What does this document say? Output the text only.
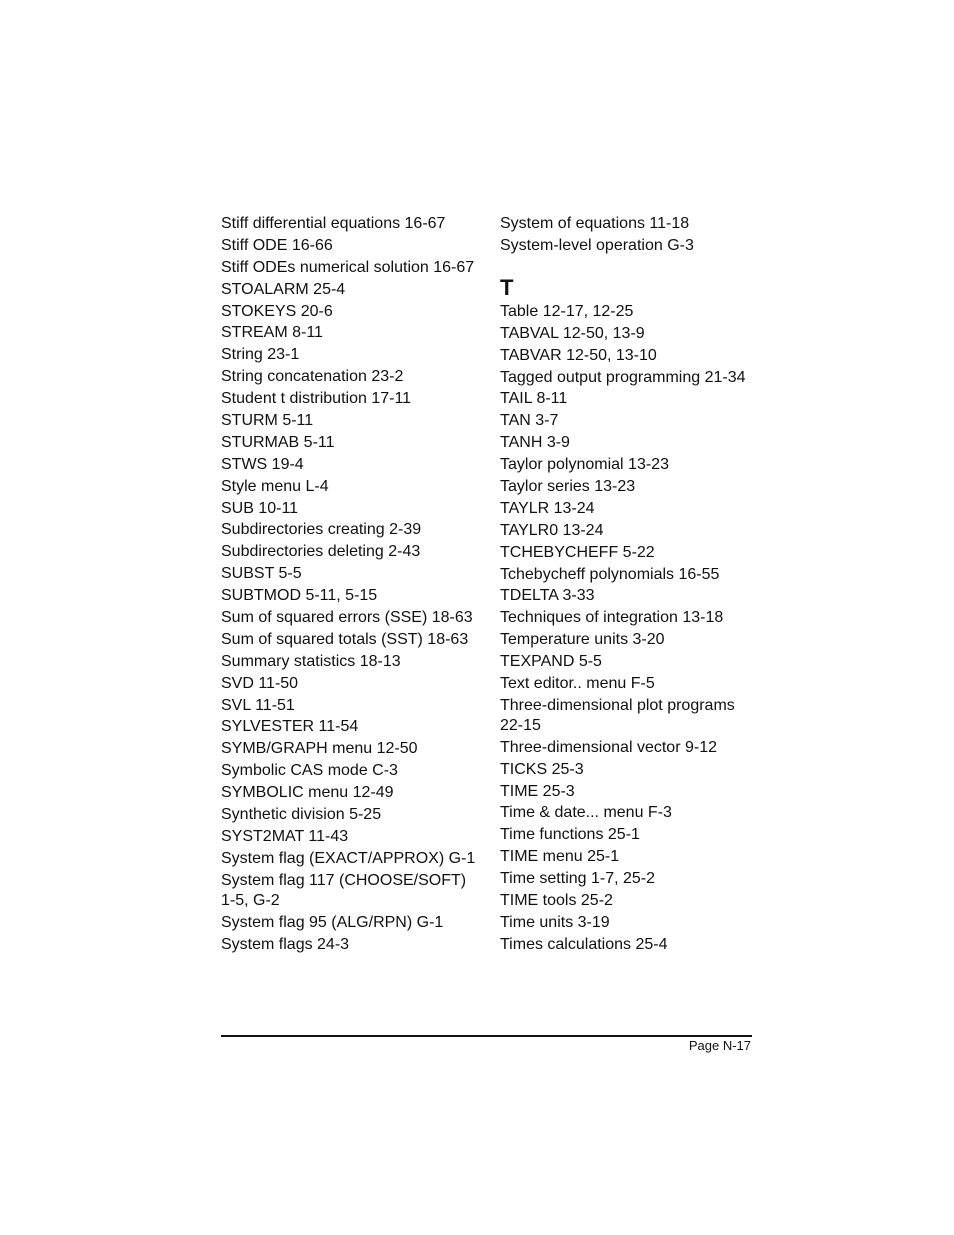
Stiff differential equations 16-67
Stiff ODE 16-66
Stiff ODEs numerical solution 16-67
STOALARM 25-4
STOKEYS 20-6
STREAM 8-11
String 23-1
String concatenation 23-2
Student t distribution 17-11
STURM 5-11
STURMAB 5-11
STWS 19-4
Style menu L-4
SUB 10-11
Subdirectories creating 2-39
Subdirectories deleting 2-43
SUBST 5-5
SUBTMOD 5-11, 5-15
Sum of squared errors (SSE) 18-63
Sum of squared totals (SST) 18-63
Summary statistics 18-13
SVD 11-50
SVL 11-51
SYLVESTER 11-54
SYMB/GRAPH menu 12-50
Symbolic CAS mode C-3
SYMBOLIC menu 12-49
Synthetic division 5-25
SYST2MAT 11-43
System flag (EXACT/APPROX) G-1
System flag 117 (CHOOSE/SOFT) 1-5, G-2
System flag 95 (ALG/RPN) G-1
System flags 24-3
System of equations 11-18
System-level operation G-3
T
Table 12-17, 12-25
TABVAL 12-50, 13-9
TABVAR 12-50, 13-10
Tagged output programming 21-34
TAIL 8-11
TAN 3-7
TANH 3-9
Taylor polynomial 13-23
Taylor series 13-23
TAYLR 13-24
TAYLR0 13-24
TCHEBYCHEFF 5-22
Tchebycheff polynomials 16-55
TDELTA 3-33
Techniques of integration 13-18
Temperature units 3-20
TEXPAND 5-5
Text editor.. menu F-5
Three-dimensional plot programs 22-15
Three-dimensional vector 9-12
TICKS 25-3
TIME 25-3
Time & date... menu F-3
Time functions 25-1
TIME menu 25-1
Time setting 1-7, 25-2
TIME tools 25-2
Time units 3-19
Times calculations 25-4
Page N-17
